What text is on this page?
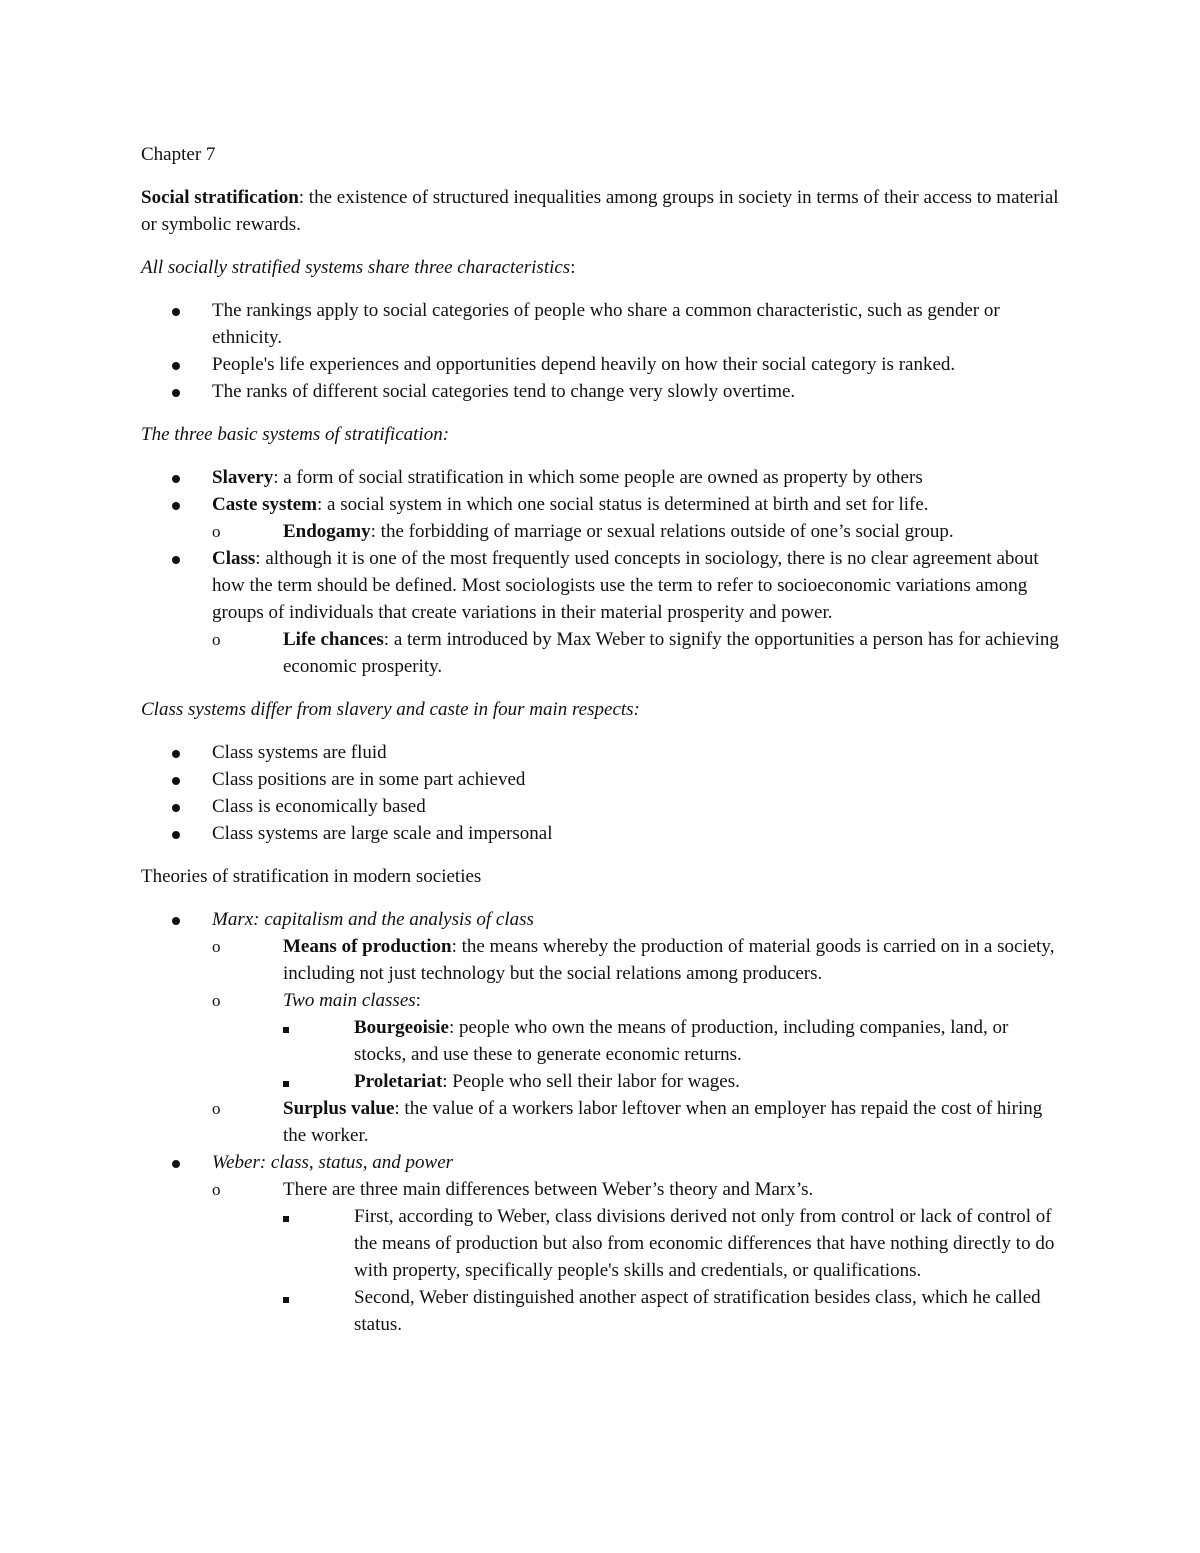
Chapter 7

Social stratification: the existence of structured inequalities among groups in society in terms of their access to material or symbolic rewards.

All socially stratified systems share three characteristics:

The rankings apply to social categories of people who share a common characteristic, such as gender or ethnicity.
People's life experiences and opportunities depend heavily on how their social category is ranked.
The ranks of different social categories tend to change very slowly overtime.

The three basic systems of stratification:

Slavery: a form of social stratification in which some people are owned as property by others
Caste system: a social system in which one social status is determined at birth and set for life.
o	Endogamy: the forbidding of marriage or sexual relations outside of one’s social group.
Class: although it is one of the most frequently used concepts in sociology, there is no clear agreement about how the term should be defined. Most sociologists use the term to refer to socioeconomic variations among groups of individuals that create variations in their material prosperity and power.
o	Life chances: a term introduced by Max Weber to signify the opportunities a person has for achieving economic prosperity.

Class systems differ from slavery and caste in four main respects:

Class systems are fluid
Class positions are in some part achieved
Class is economically based
Class systems are large scale and impersonal

Theories of stratification in modern societies

Marx: capitalism and the analysis of class
o	Means of production: the means whereby the production of material goods is carried on in a society, including not just technology but the social relations among producers.
o	Two main classes:
Bourgeoisie: people who own the means of production, including companies, land, or stocks, and use these to generate economic returns.
Proletariat: People who sell their labor for wages.
o	Surplus value: the value of a workers labor leftover when an employer has repaid the cost of hiring the worker.
Weber: class, status, and power
o	There are three main differences between Weber’s theory and Marx’s.
First, according to Weber, class divisions derived not only from control or lack of control of the means of production but also from economic differences that have nothing directly to do with property, specifically people's skills and credentials, or qualifications.
Second, Weber distinguished another aspect of stratification besides class, which he called status.
